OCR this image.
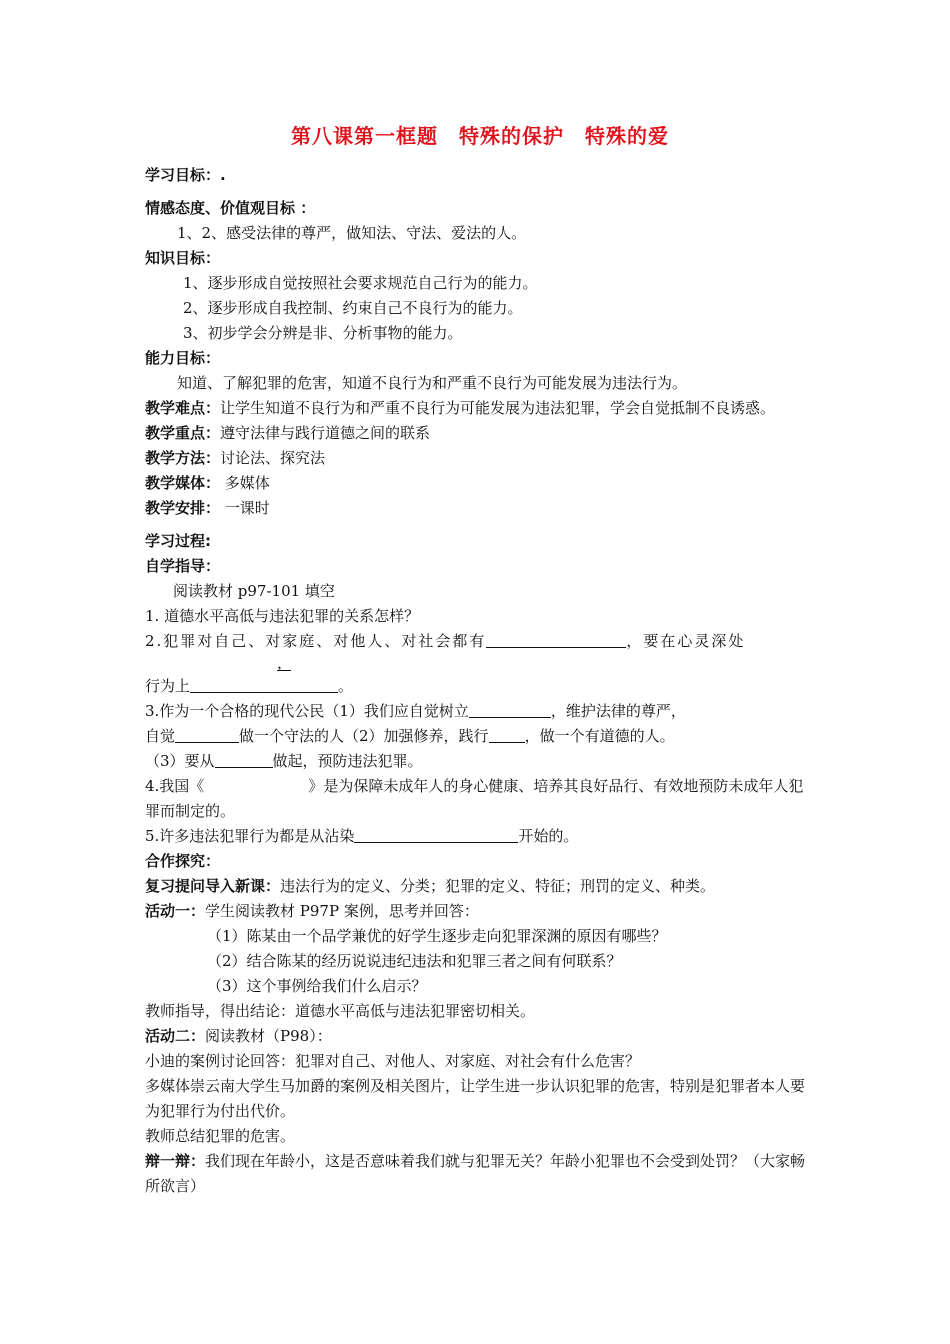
第八课第一框题　特殊的保护　特殊的爱
学习目标：.
情感态度、价值观目标 ：
1、2、感受法律的尊严，做知法、守法、爱法的人。
知识目标：
1、逐步形成自觉按照社会要求规范自己行为的能力。
2、逐步形成自我控制、约束自己不良行为的能力。
3、初步学会分辨是非、分析事物的能力。
能力目标：
知道、了解犯罪的危害，知道不良行为和严重不良行为可能发展为违法行为。
教学难点：让学生知道不良行为和严重不良行为可能发展为违法犯罪，学会自觉抵制不良诱惑。
教学重点：遵守法律与践行道德之间的联系
教学方法：讨论法、探究法
教学媒体： 多媒体
教学安排： 一课时
学习过程:
自学指导：
阅读教材 p97-101 填空
1. 道德水平高低与违法犯罪的关系怎样？
2.犯罪对自己、对家庭、对他人、对社会都有	，要在心灵深处
，
行为上	。
3.作为一个合格的现代公民（1）我们应自觉树立	，维护法律的尊严，
自觉	做一个守法的人（2）加强修养，践行 ，做一个有道德的人。
（3）要从	做起，预防违法犯罪。
4.我国《	》是为保障未成年人的身心健康、培养其良好品行、有效地预防未成年人犯罪而制定的。
5.许多违法犯罪行为都是从沾染	开始的。
合作探究：
复习提问导入新课：违法行为的定义、分类；犯罪的定义、特征；刑罚的定义、种类。
活动一：学生阅读教材 P97P 案例，思考并回答：
（1）陈某由一个品学兼优的好学生逐步走向犯罪深渊的原因有哪些？
（2）结合陈某的经历说说违纪违法和犯罪三者之间有何联系？
（3）这个事例给我们什么启示？
教师指导，得出结论：道德水平高低与违法犯罪密切相关。
活动二：阅读教材（P98）：
小迪的案例讨论回答：犯罪对自己、对他人、对家庭、对社会有什么危害？
多媒体崇云南大学生马加爵的案例及相关图片，让学生进一步认识犯罪的危害，特别是犯罪者本人要为犯罪行为付出代价。
教师总结犯罪的危害。
辩一辩：我们现在年龄小，这是否意味着我们就与犯罪无关？年龄小犯罪也不会受到处罚？（大家畅所欲言）
